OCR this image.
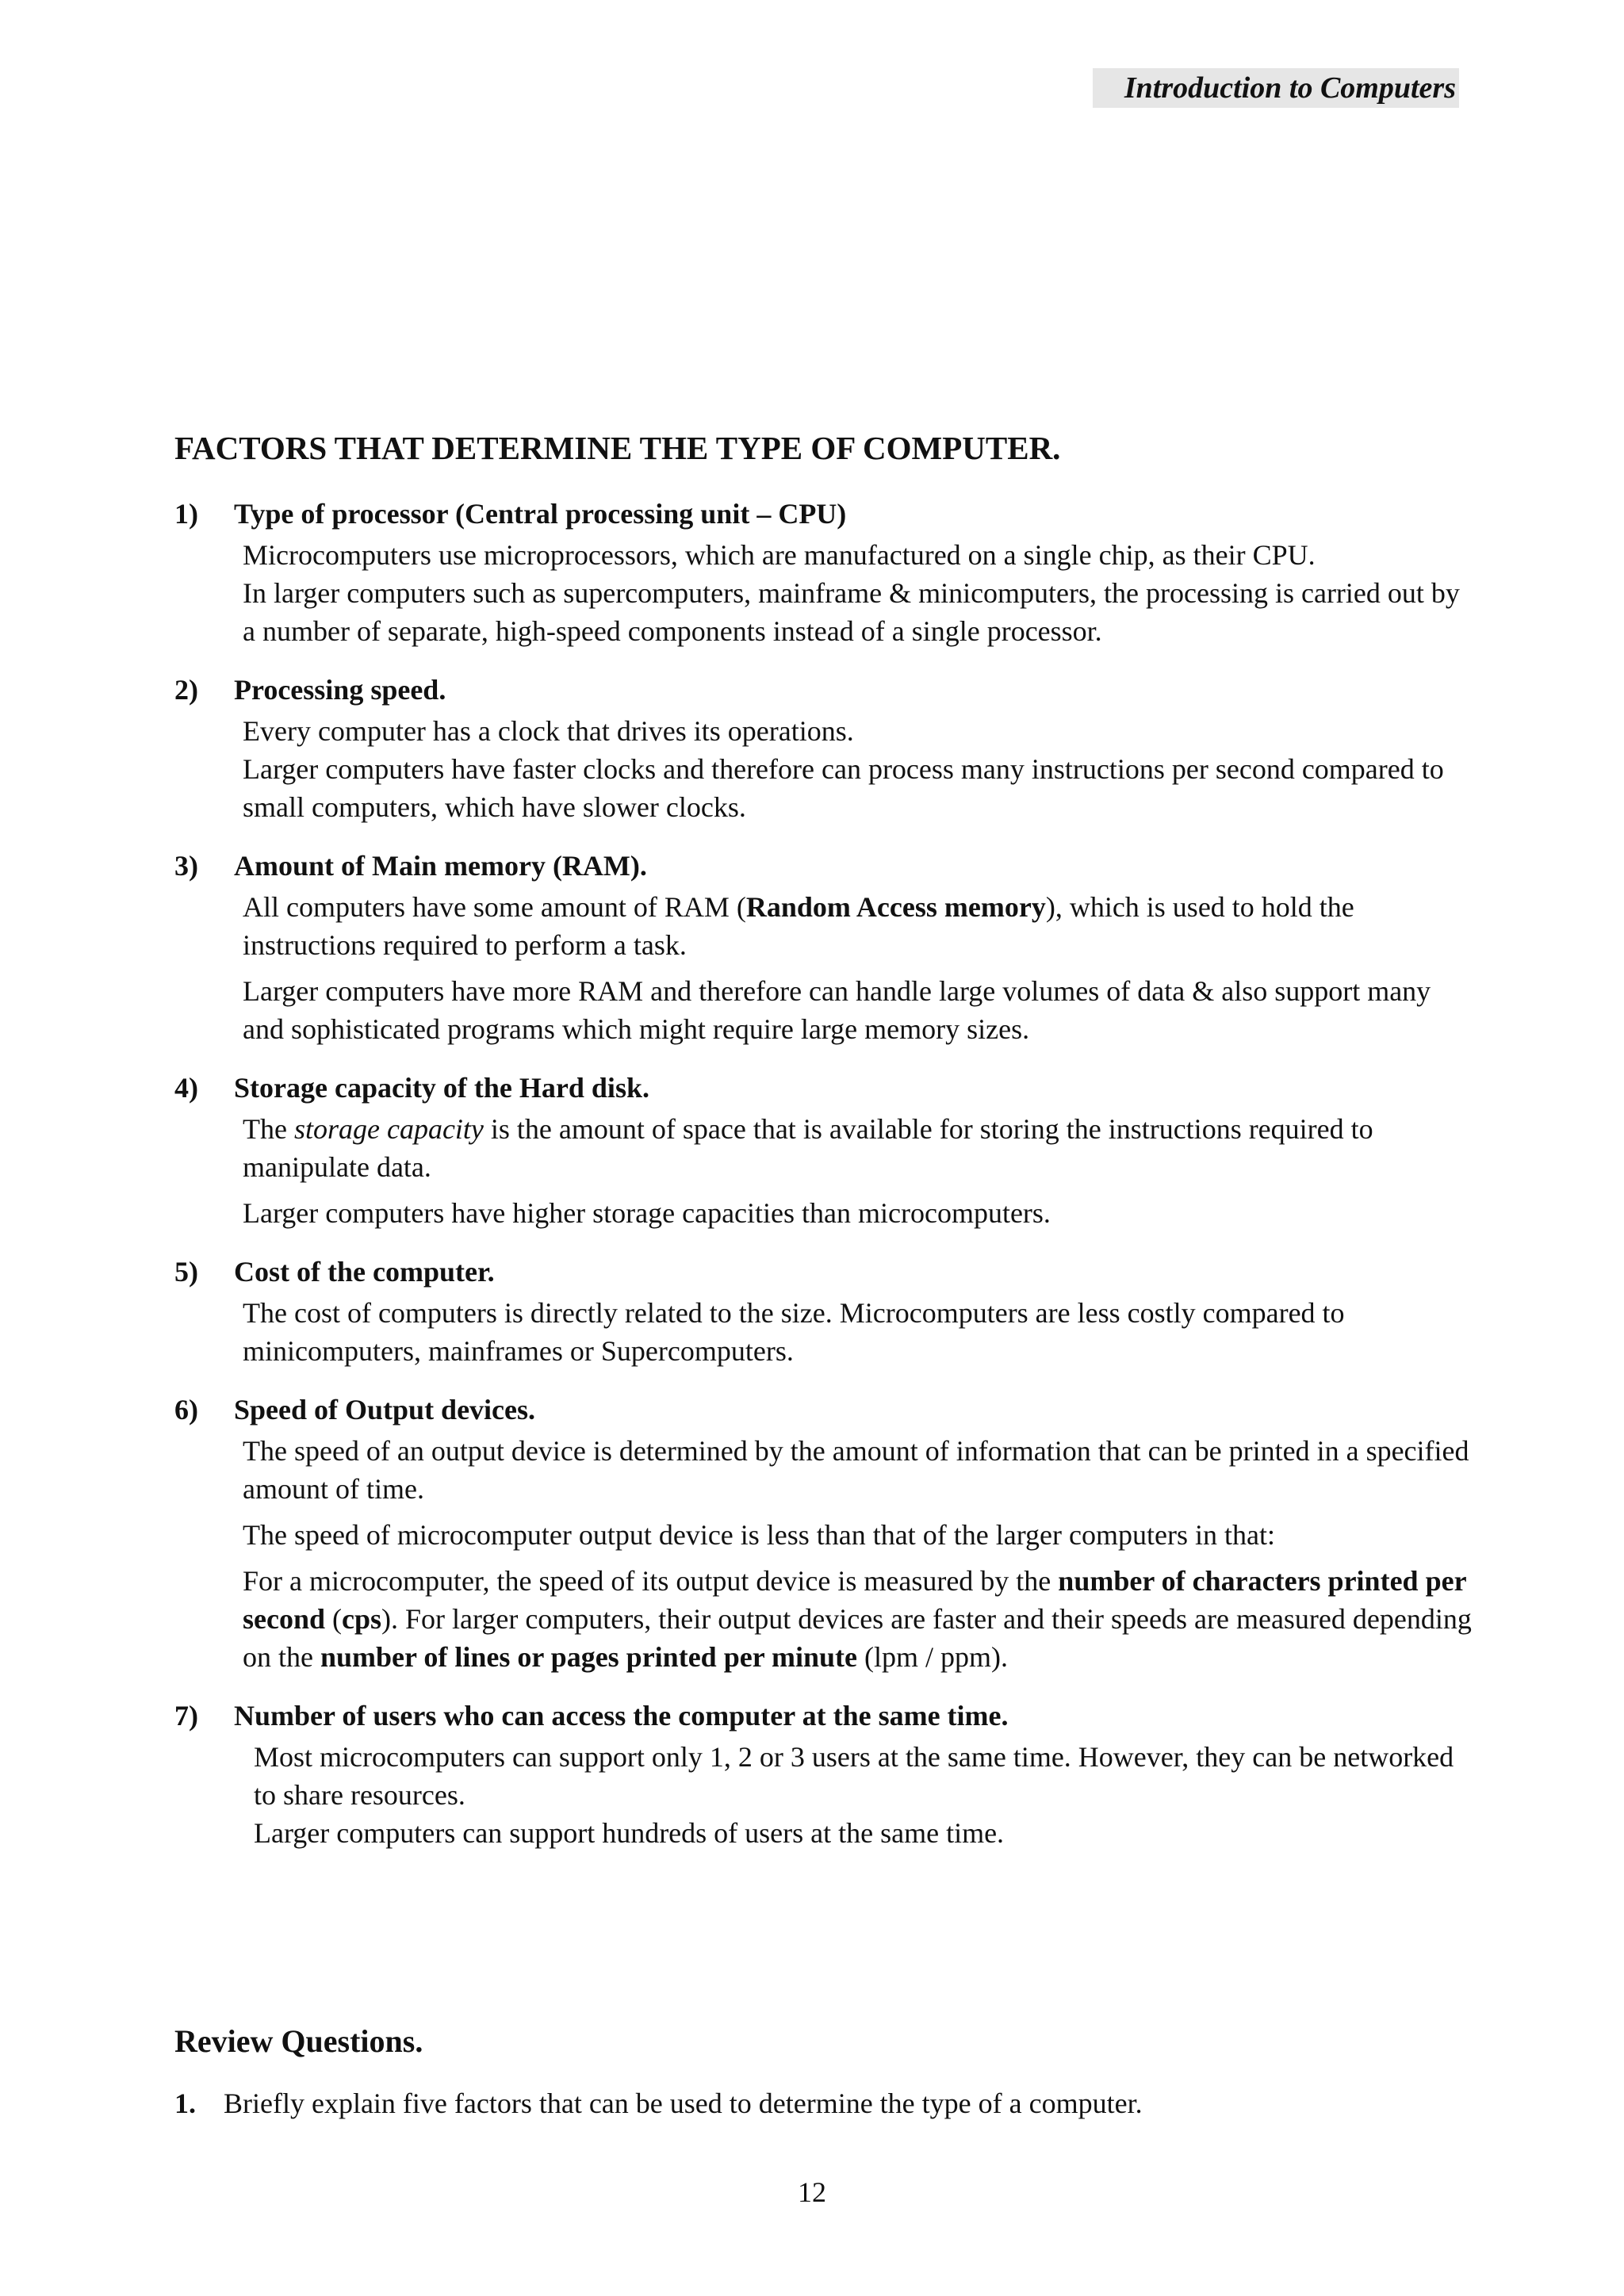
Introduction to Computers
FACTORS THAT DETERMINE THE TYPE OF COMPUTER.
1)	Type of processor (Central processing unit – CPU)

Microcomputers use microprocessors, which are manufactured on a single chip, as their CPU.

In larger computers such as supercomputers, mainframe & minicomputers, the processing is carried out by a number of separate, high-speed components instead of a single processor.

2)	Processing speed.

Every computer has a clock that drives its operations.

Larger computers have faster clocks and therefore can process many instructions per second compared to small computers, which have slower clocks.

3)	Amount of Main memory (RAM).

All computers have some amount of RAM (Random Access memory), which is used to hold the instructions required to perform a task.

Larger computers have more RAM and therefore can handle large volumes of data & also support many and sophisticated programs which might require large memory sizes.

4)	Storage capacity of the Hard disk.

The storage capacity is the amount of space that is available for storing the instructions required to manipulate data.

Larger computers have higher storage capacities than microcomputers.

5)	Cost of the computer.

The cost of computers is directly related to the size. Microcomputers are less costly compared to minicomputers, mainframes or Supercomputers.

6)	Speed of Output devices.

The speed of an output device is determined by the amount of information that can be printed in a specified amount of time.

The speed of microcomputer output device is less than that of the larger computers in that:

For a microcomputer, the speed of its output device is measured by the number of characters printed per second (cps). For larger computers, their output devices are faster and their speeds are measured depending on the number of lines or pages printed per minute (lpm / ppm).

7)	Number of users who can access the computer at the same time.

Most microcomputers can support only 1, 2 or 3 users at the same time. However, they can be networked to share resources.

Larger computers can support hundreds of users at the same time.

Review Questions.
1. Briefly explain five factors that can be used to determine the type of a computer.
12
